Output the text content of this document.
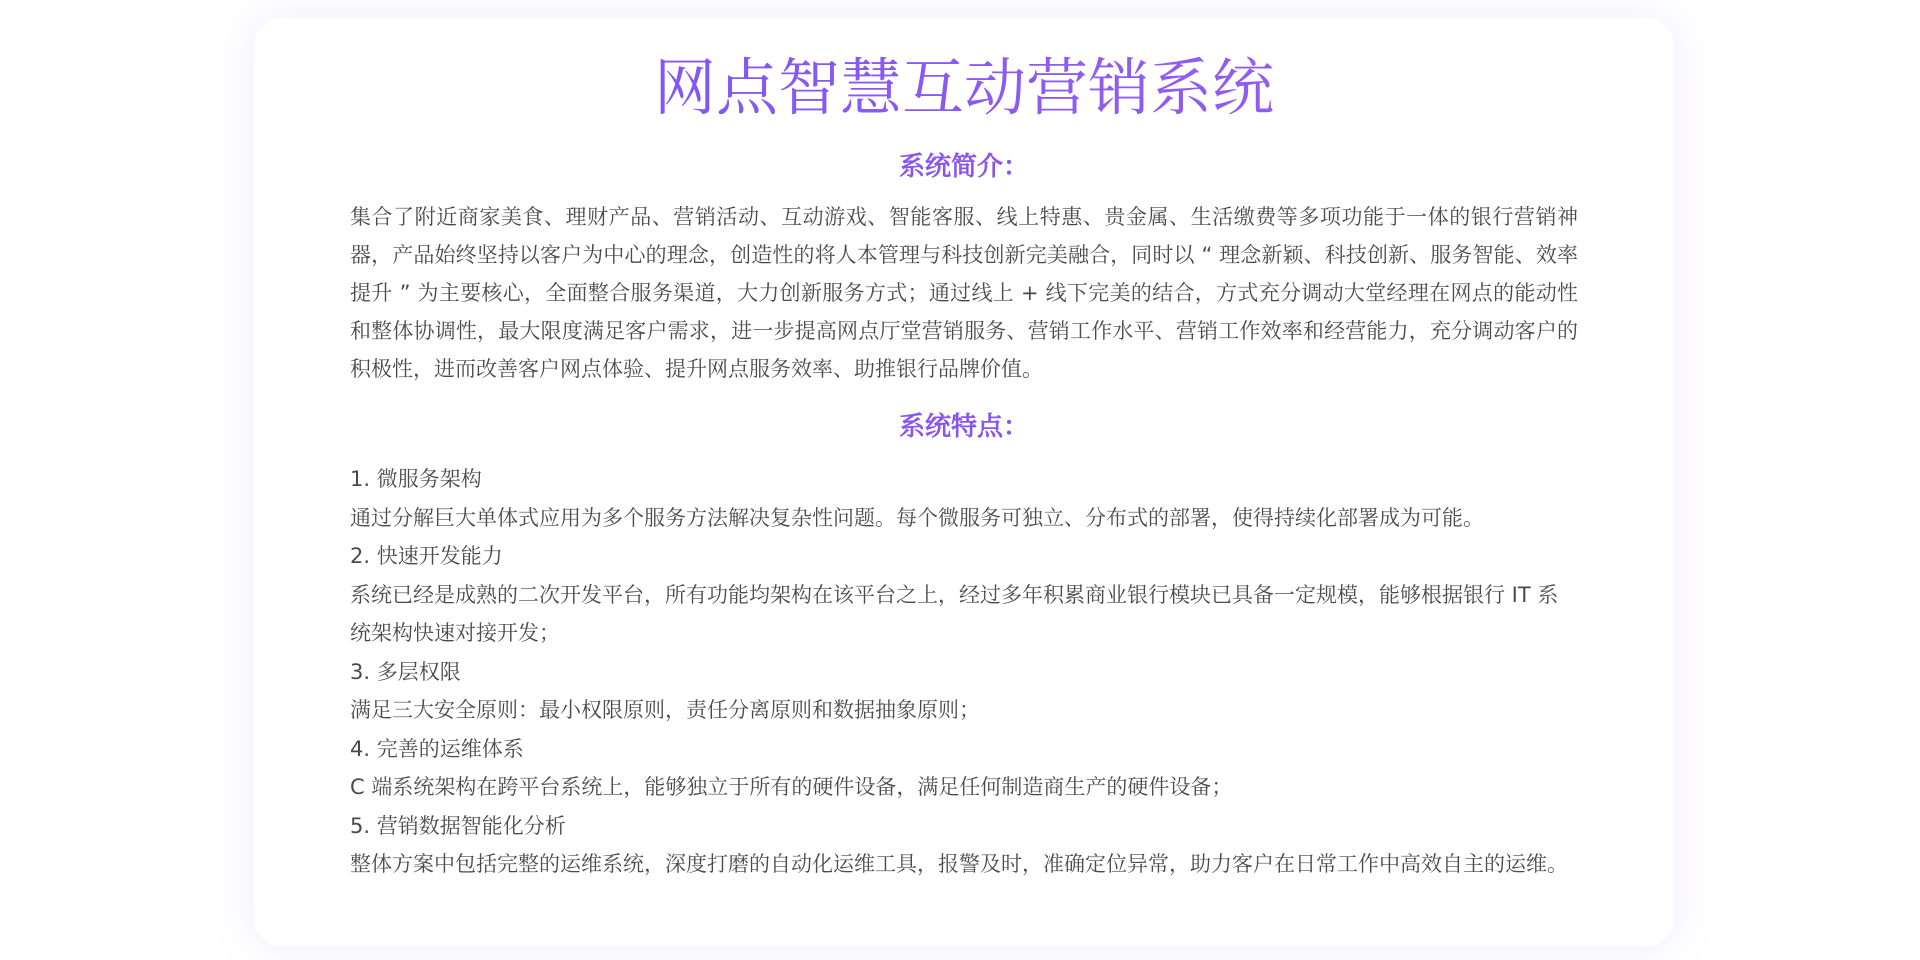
网点智慧互动营销系统
系统简介：
集合了附近商家美食、理财产品、营销活动、互动游戏、智能客服、线上特惠、贵金属、生活缴费等多项功能于一体的银行营销神器，产品始终坚持以客户为中心的理念，创造性的将人本管理与科技创新完美融合，同时以 “ 理念新颖、科技创新、服务智能、效率提升 ” 为主要核心，全面整合服务渠道，大力创新服务方式；通过线上 + 线下完美的结合，方式充分调动大堂经理在网点的能动性和整体协调性，最大限度满足客户需求，进一步提高网点厅堂营销服务、营销工作水平、营销工作效率和经营能力，充分调动客户的积极性，进而改善客户网点体验、提升网点服务效率、助推银行品牌价值。
系统特点：
1. 微服务架构
通过分解巨大单体式应用为多个服务方法解决复杂性问题。每个微服务可独立、分布式的部署，使得持续化部署成为可能。
2. 快速开发能力
系统已经是成熟的二次开发平台，所有功能均架构在该平台之上，经过多年积累商业银行模块已具备一定规模，能够根据银行 IT 系统架构快速对接开发；
3. 多层权限
满足三大安全原则：最小权限原则，责任分离原则和数据抽象原则；
4. 完善的运维体系
C 端系统架构在跨平台系统上，能够独立于所有的硬件设备，满足任何制造商生产的硬件设备；
5. 营销数据智能化分析
整体方案中包括完整的运维系统，深度打磨的自动化运维工具，报警及时，准确定位异常，助力客户在日常工作中高效自主的运维。
